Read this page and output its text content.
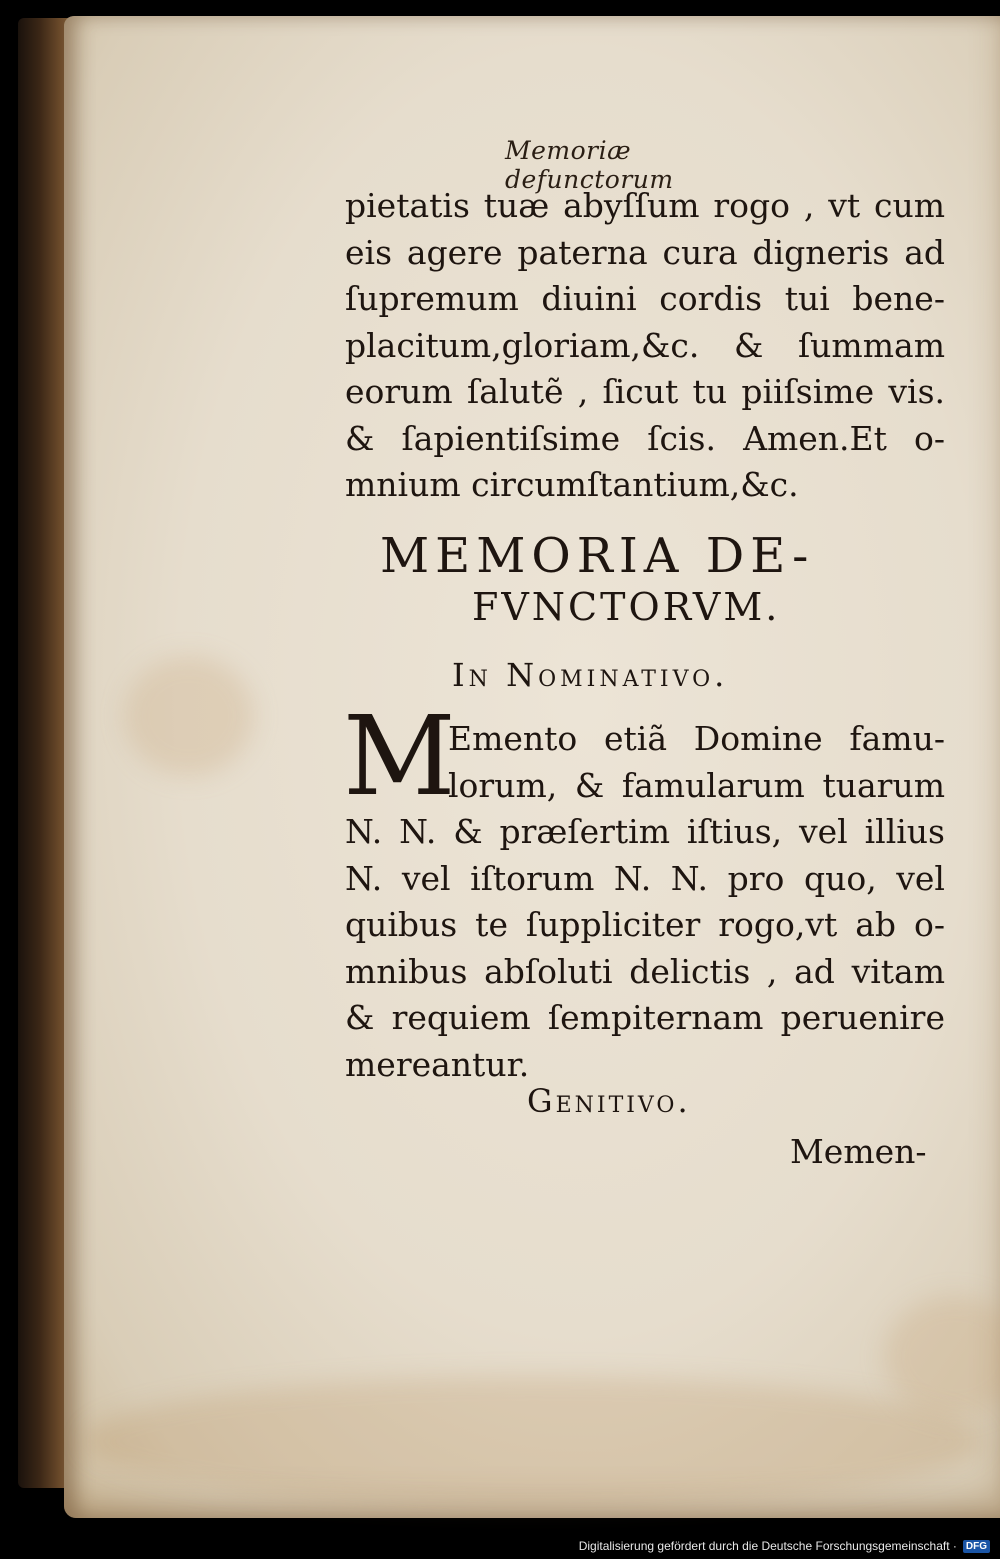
Memoriæ defunctorum
pietatis tuæ abyſſum rogo , vt cum
eis agere paterna cura digneris ad
ſupremum diuini cordis tui bene-
placitum,gloriam,&c. & ſummam
eorum ſalutẽ , ſicut tu piiſsime vis.
& ſapientiſsime ſcis. Amen.Et o-
mnium circumſtantium,&c.
MEMORIA DE-
FVNCTORVM.
In Nominativo.
M
Emento etiã Domine famu-
lorum, & famularum tuarum
N. N. & præſertim iſtius, vel illius
N. vel iſtorum N. N. pro quo, vel
quibus te ſuppliciter rogo,vt ab o-
mnibus abſoluti delictis , ad vitam
& requiem ſempiternam peruenire
mereantur.
Genitivo.
Memen-
Digitalisierung gefördert durch die Deutsche Forschungsgemeinschaft · DFG
